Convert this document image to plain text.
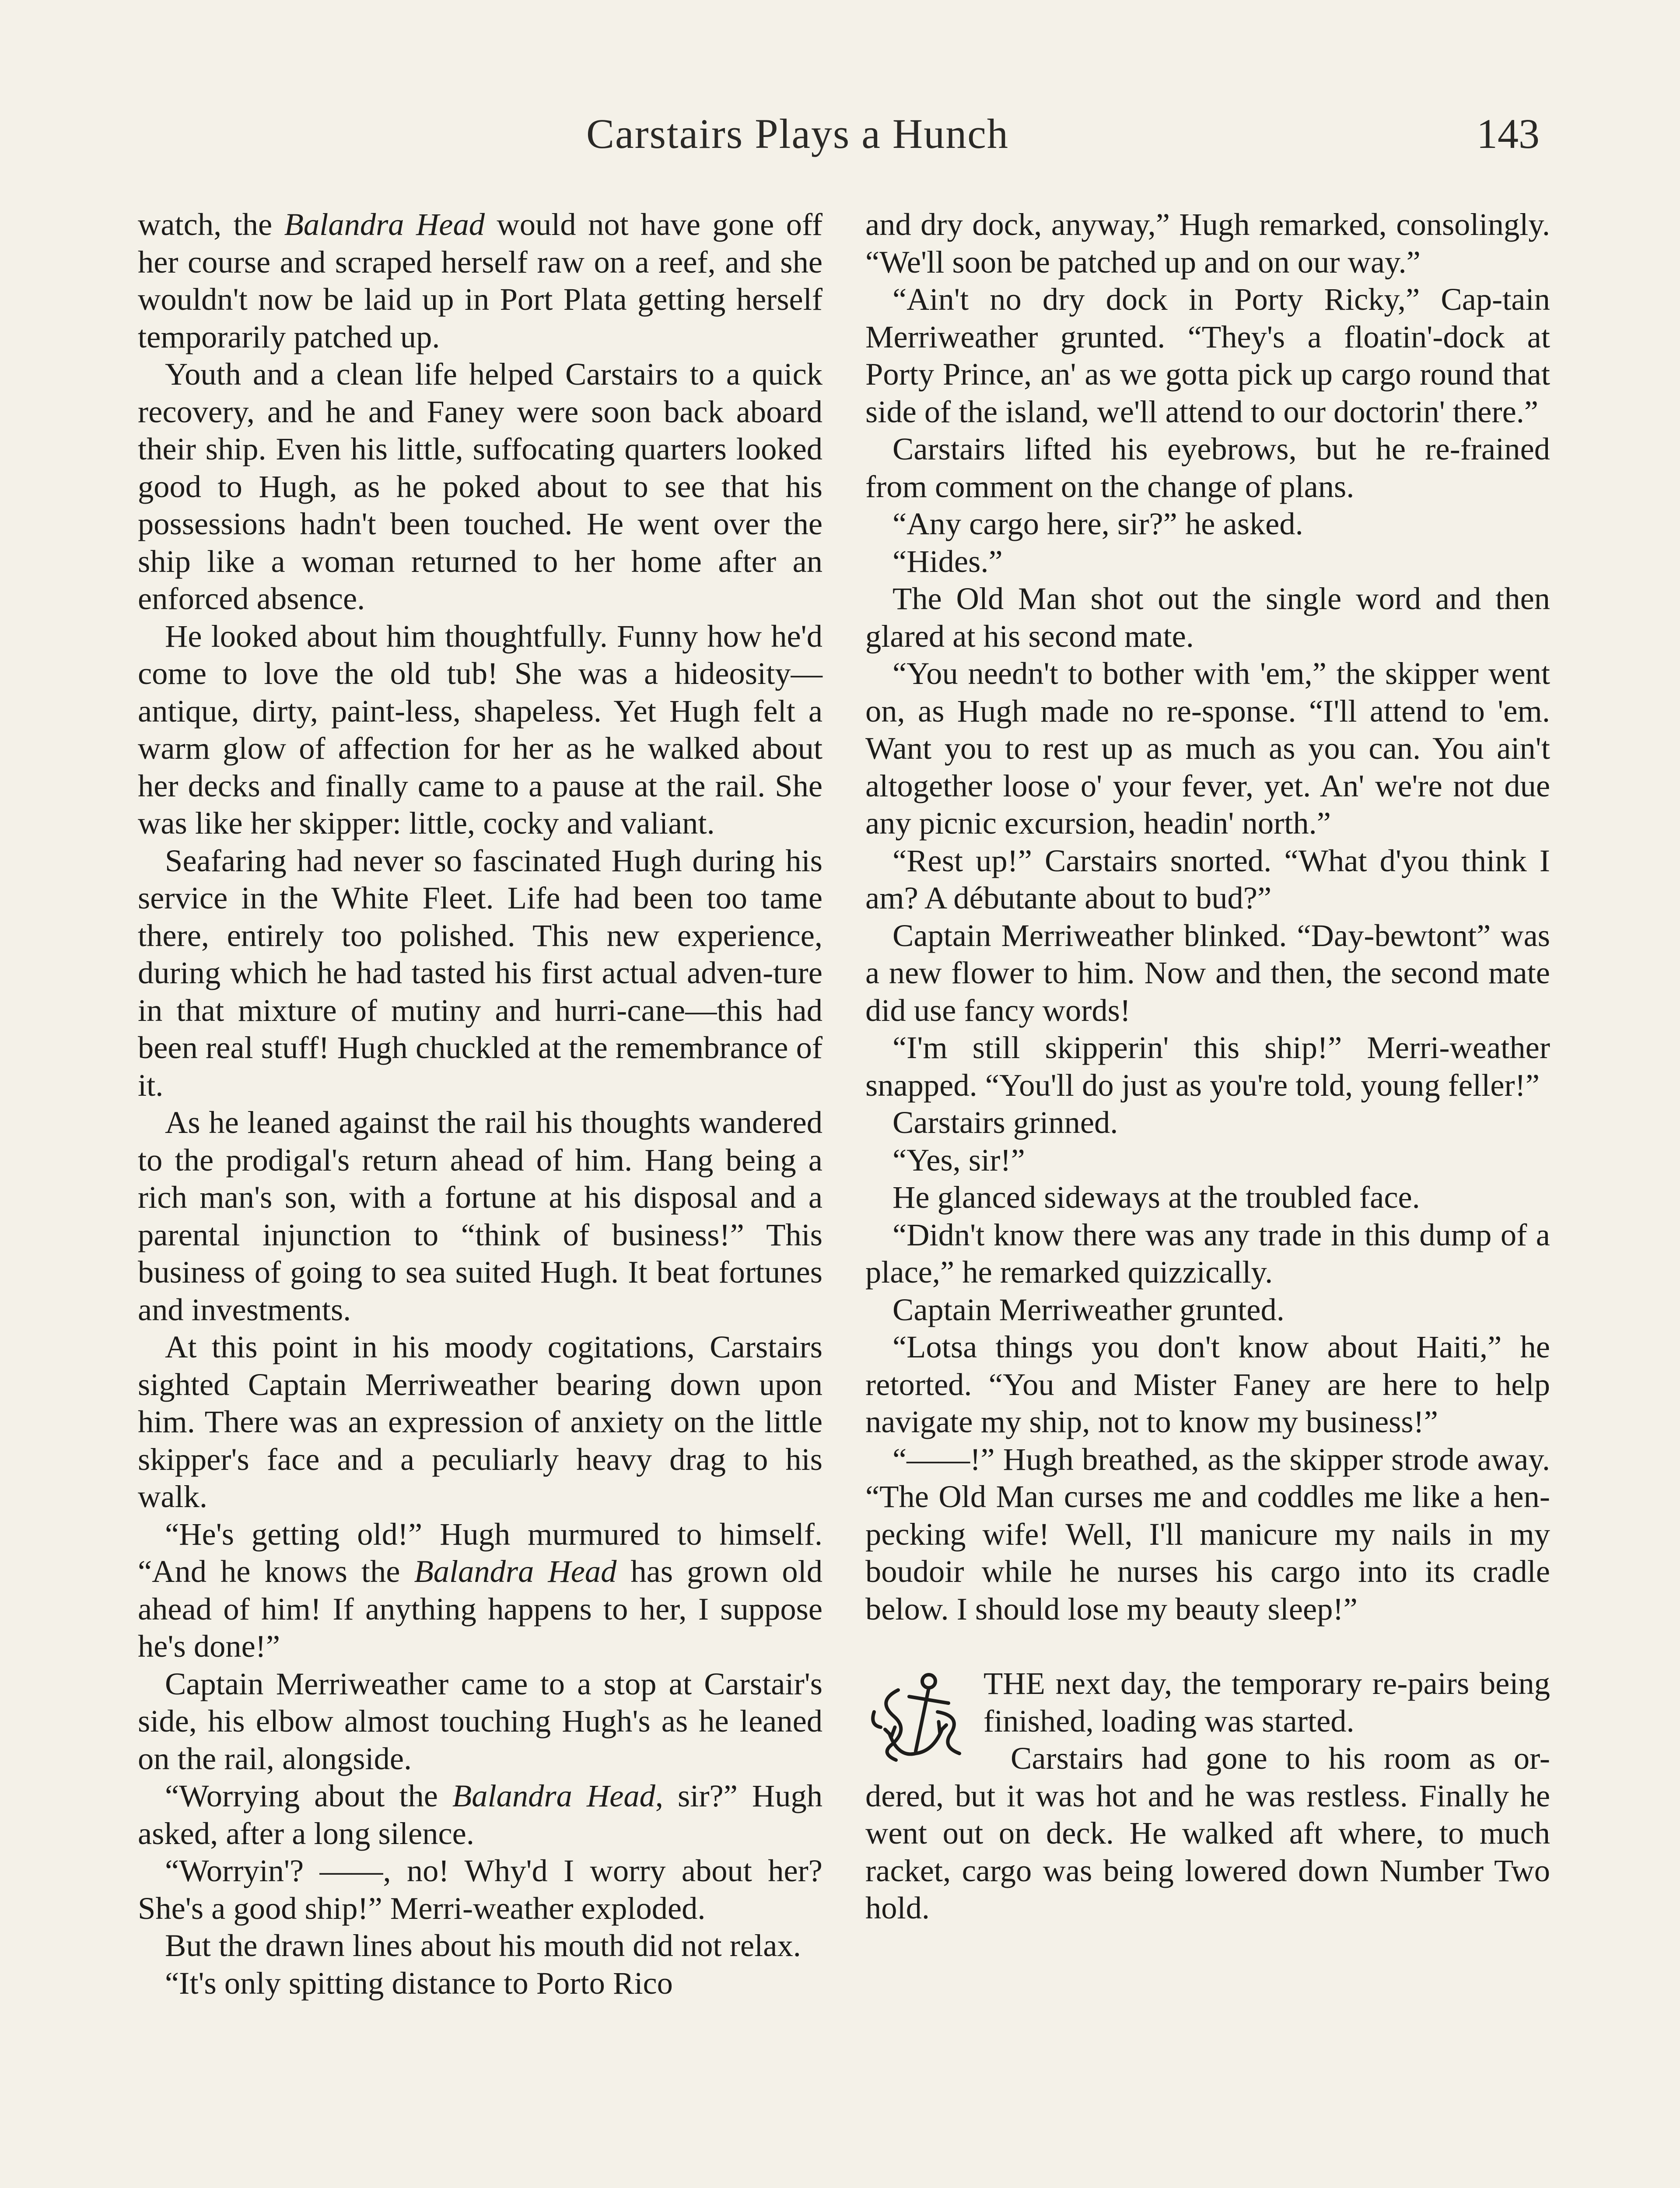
Carstairs Plays a Hunch	143

watch, the Balandra Head would not have gone off her course and scraped herself raw on a reef, and she wouldn't now be laid up in Port Plata getting herself temporarily patched up.

Youth and a clean life helped Carstairs to a quick recovery, and he and Faney were soon back aboard their ship. Even his little, suffocating quarters looked good to Hugh, as he poked about to see that his possessions hadn't been touched. He went over the ship like a woman returned to her home after an enforced absence.

He looked about him thoughtfully. Funny how he'd come to love the old tub! She was a hideosity—antique, dirty, paint-less, shapeless. Yet Hugh felt a warm glow of affection for her as he walked about her decks and finally came to a pause at the rail. She was like her skipper: little, cocky and valiant.

Seafaring had never so fascinated Hugh during his service in the White Fleet. Life had been too tame there, entirely too polished. This new experience, during which he had tasted his first actual adven-ture in that mixture of mutiny and hurri-cane—this had been real stuff! Hugh chuckled at the remembrance of it.

As he leaned against the rail his thoughts wandered to the prodigal's return ahead of him. Hang being a rich man's son, with a fortune at his disposal and a parental injunction to “think of business!” This business of going to sea suited Hugh. It beat fortunes and investments.

At this point in his moody cogitations, Carstairs sighted Captain Merriweather bearing down upon him. There was an expression of anxiety on the little skipper's face and a peculiarly heavy drag to his walk.

“He's getting old!” Hugh murmured to himself. “And he knows the Balandra Head has grown old ahead of him! If anything happens to her, I suppose he's done!”

Captain Merriweather came to a stop at Carstair's side, his elbow almost touching Hugh's as he leaned on the rail, alongside.

“Worrying about the Balandra Head, sir?” Hugh asked, after a long silence.

“Worryin'? ——, no! Why'd I worry about her? She's a good ship!” Merri-weather exploded.

But the drawn lines about his mouth did not relax.

“It's only spitting distance to Porto Rico

and dry dock, anyway,” Hugh remarked, consolingly. “We'll soon be patched up and on our way.”

“Ain't no dry dock in Porty Ricky,” Cap-tain Merriweather grunted. “They's a floatin'-dock at Porty Prince, an' as we gotta pick up cargo round that side of the island, we'll attend to our doctorin' there.”

Carstairs lifted his eyebrows, but he re-frained from comment on the change of plans.

“Any cargo here, sir?” he asked.

“Hides.”

The Old Man shot out the single word and then glared at his second mate.

“You needn't to bother with 'em,” the skipper went on, as Hugh made no re-sponse. “I'll attend to 'em. Want you to rest up as much as you can. You ain't altogether loose o' your fever, yet. An' we're not due any picnic excursion, headin' north.”

“Rest up!” Carstairs snorted. “What d'you think I am? A débutante about to bud?”

Captain Merriweather blinked. “Day-bewtont” was a new flower to him. Now and then, the second mate did use fancy words!

“I'm still skipperin' this ship!” Merri-weather snapped. “You'll do just as you're told, young feller!”

Carstairs grinned.

“Yes, sir!”

He glanced sideways at the troubled face.

“Didn't know there was any trade in this dump of a place,” he remarked quizzically.

Captain Merriweather grunted.

“Lotsa things you don't know about Haiti,” he retorted. “You and Mister Faney are here to help navigate my ship, not to know my business!”

“——!” Hugh breathed, as the skipper strode away. “The Old Man curses me and coddles me like a hen-pecking wife! Well, I'll manicure my nails in my boudoir while he nurses his cargo into its cradle below. I should lose my beauty sleep!”

THE next day, the temporary re-pairs being finished, loading was started.

Carstairs had gone to his room as or-dered, but it was hot and he was restless. Finally he went out on deck. He walked aft where, to much racket, cargo was being lowered down Number Two hold.
